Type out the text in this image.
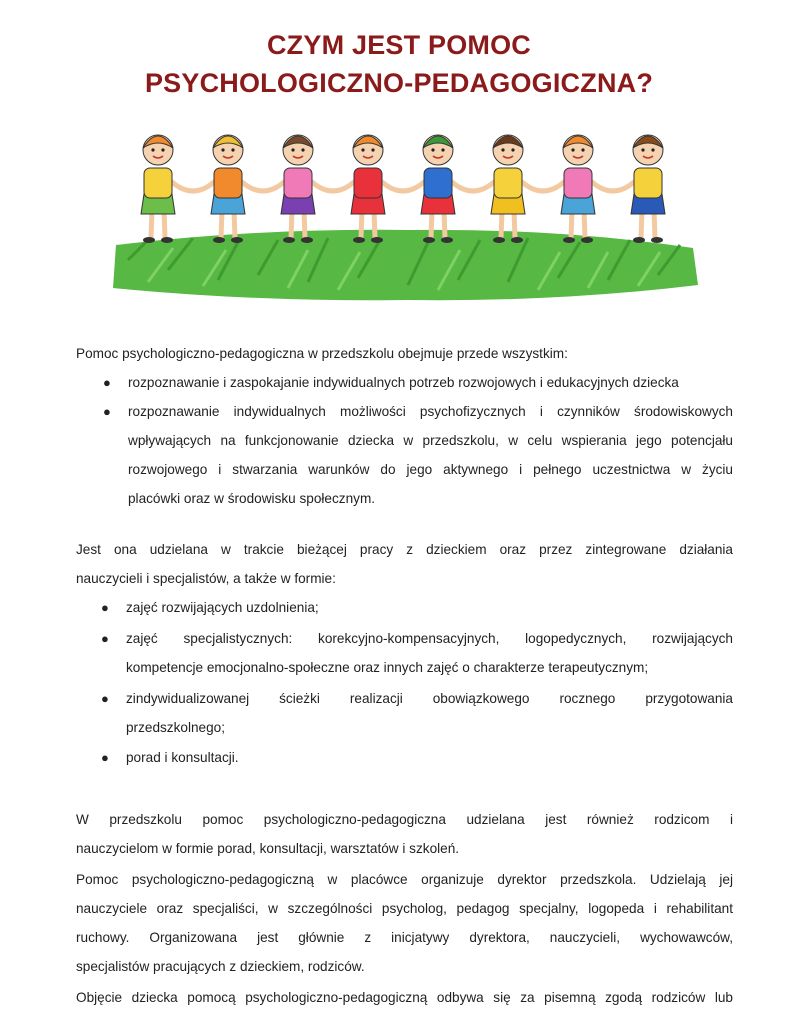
CZYM JEST POMOC
PSYCHOLOGICZNO-PEDAGOGICZNA?

Pomoc psychologiczno-pedagogiczna w przedszkolu obejmuje przede wszystkim:

● rozpoznawanie i zaspokajanie indywidualnych potrzeb rozwojowych i edukacyjnych dziecka

● rozpoznawanie indywidualnych możliwości psychofizycznych i czynników środowiskowych

wpływających na funkcjonowanie dziecka w przedszkolu, w celu wspierania jego potencjału

rozwojowego i stwarzania warunków do jego aktywnego i pełnego uczestnictwa w życiu

placówki oraz w środowisku społecznym.

Jest ona udzielana w trakcie bieżącej pracy z dzieckiem oraz przez zintegrowane działania

nauczycieli i specjalistów, a także w formie:

● zajęć rozwijających uzdolnienia;

● zajęć specjalistycznych: korekcyjno-kompensacyjnych, logopedycznych, rozwijających

kompetencje emocjonalno-społeczne oraz innych zajęć o charakterze terapeutycznym;

● zindywidualizowanej ścieżki realizacji obowiązkowego rocznego przygotowania

przedszkolnego;

● porad i konsultacji.

W przedszkolu pomoc psychologiczno-pedagogiczna udzielana jest również rodzicom i

nauczycielom w formie porad, konsultacji, warsztatów i szkoleń.

Pomoc psychologiczno-pedagogiczną w placówce organizuje dyrektor przedszkola. Udzielają jej

nauczyciele oraz specjaliści, w szczególności psycholog, pedagog specjalny, logopeda i rehabilitant

ruchowy. Organizowana jest głównie z inicjatywy dyrektora, nauczycieli, wychowawców,

specjalistów pracujących z dzieckiem, rodziców.

Objęcie dziecka pomocą psychologiczno-pedagogiczną odbywa się za pisemną zgodą rodziców lub
